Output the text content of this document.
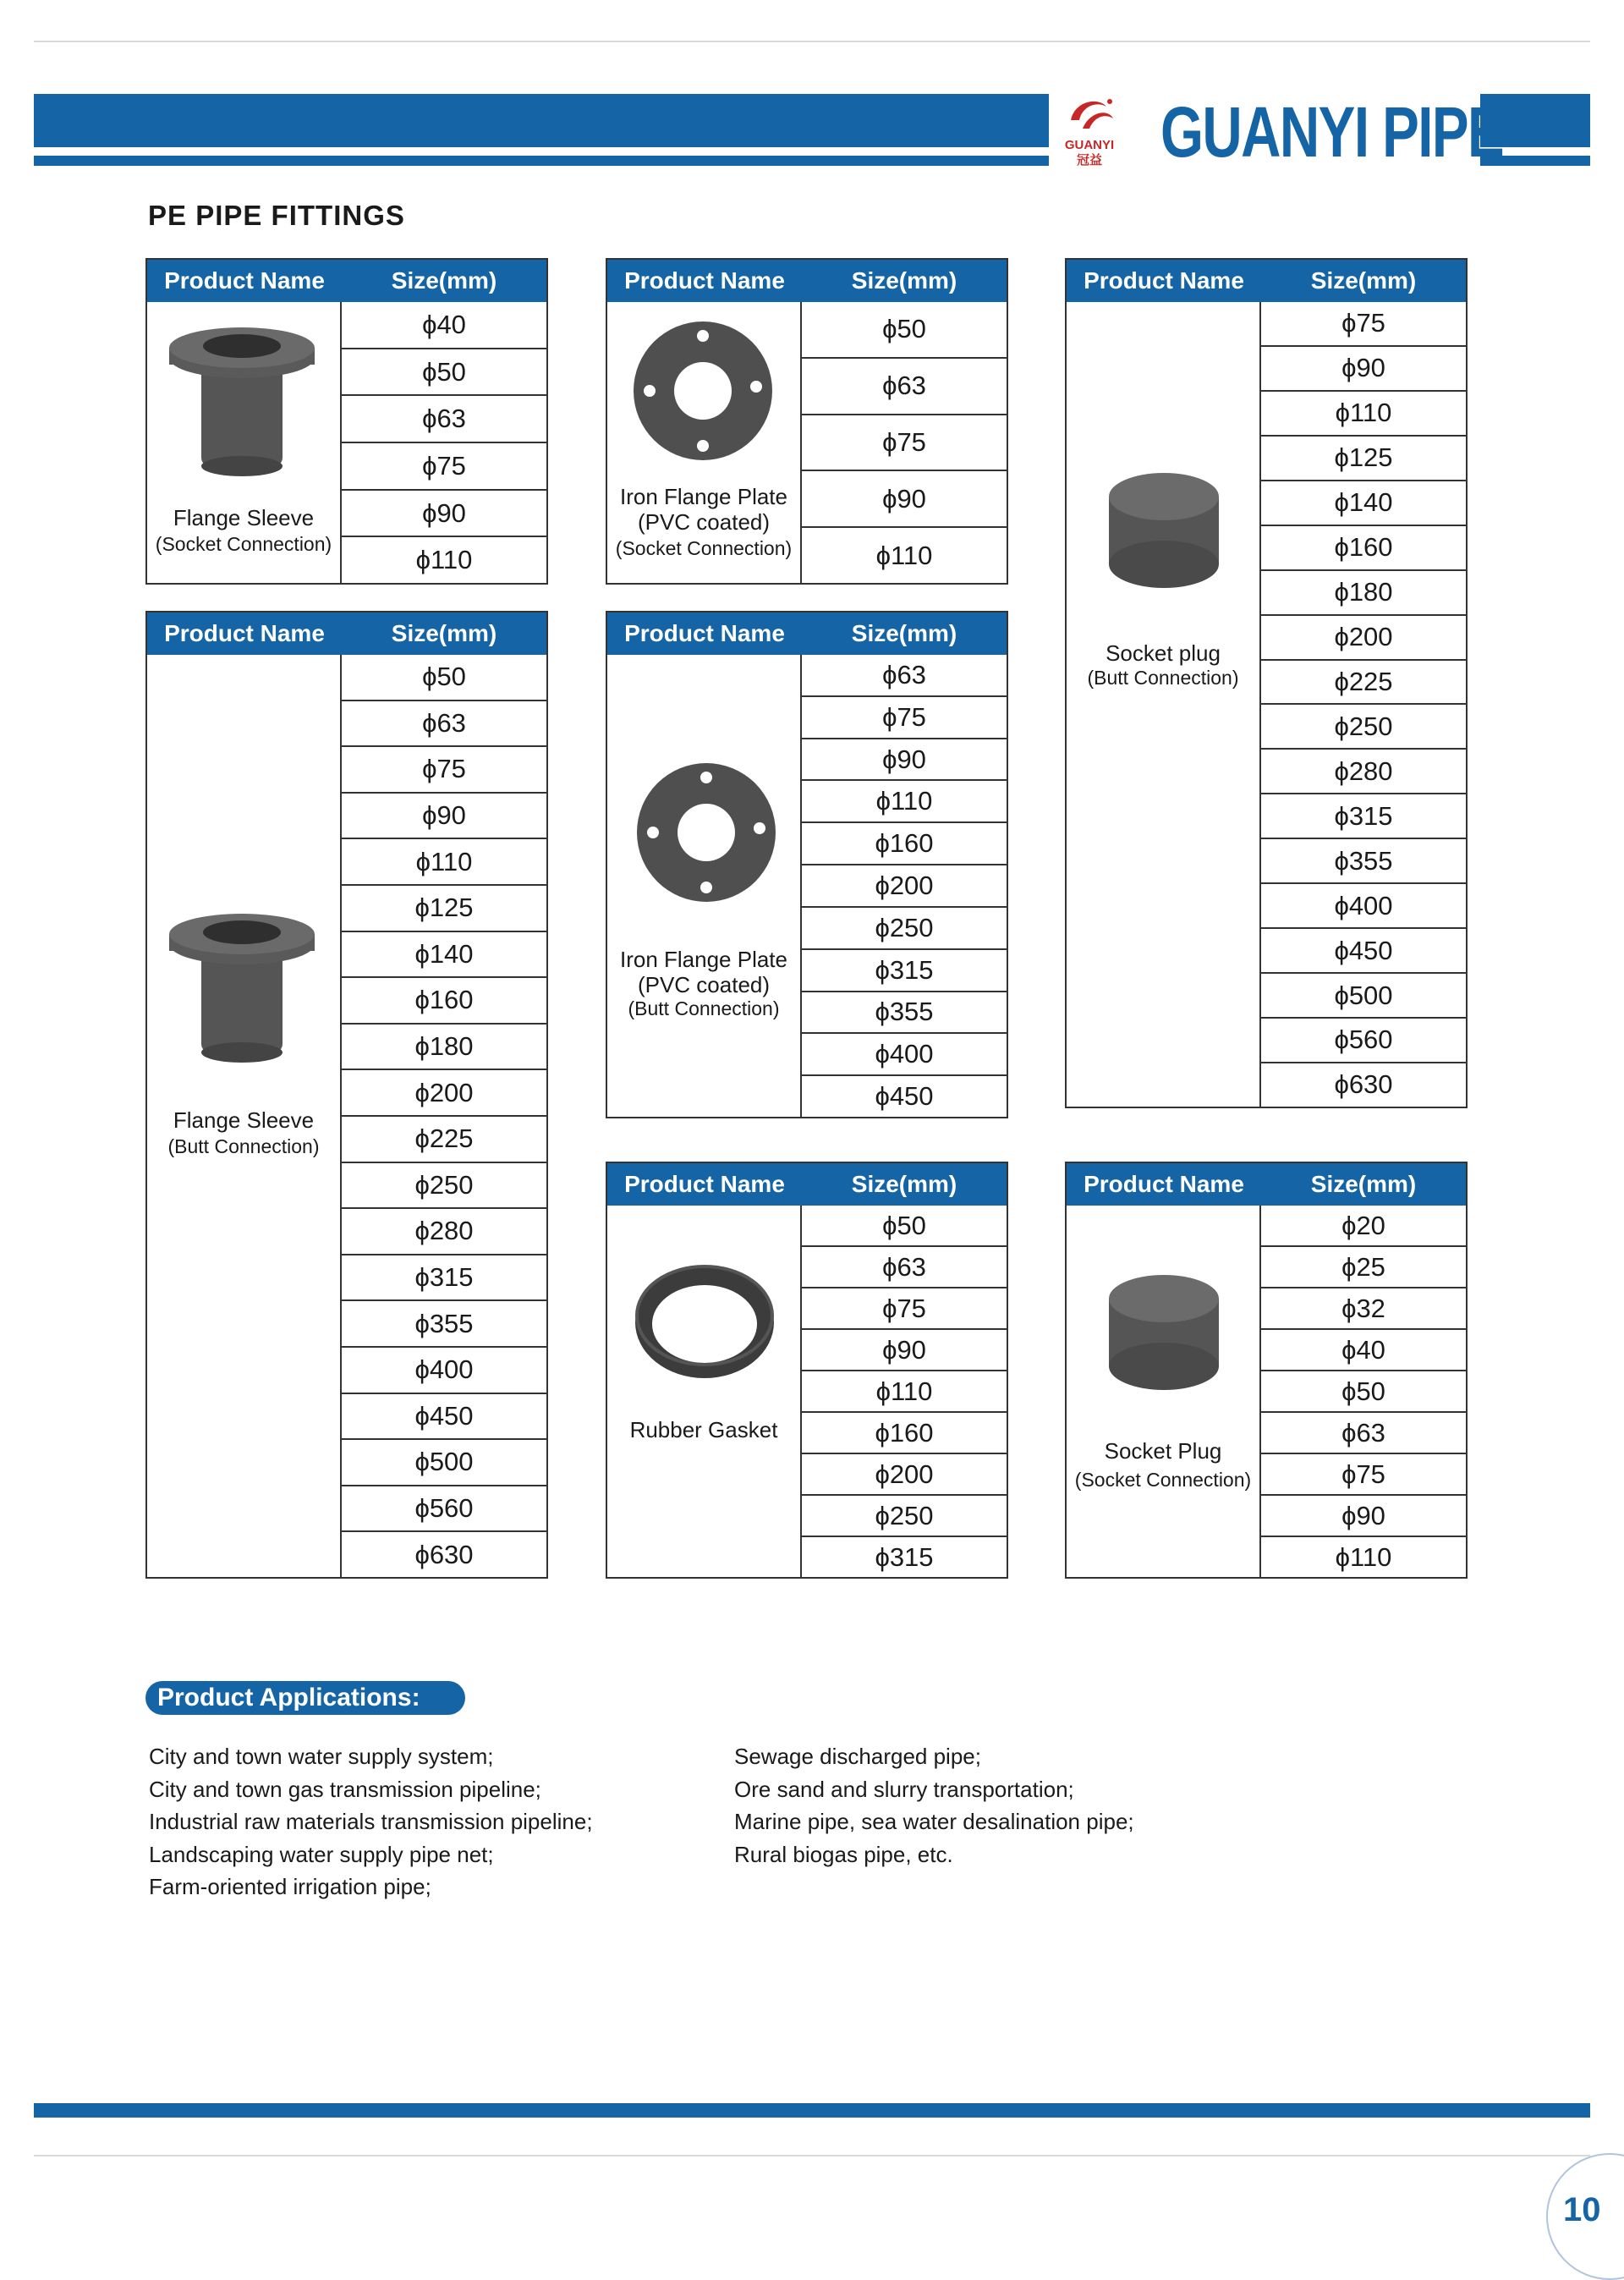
GUANYI
冠益 GUANYI PIPE
PE PIPE FITTINGS
Product Name	Size(mm)
Flange Sleeve
(Socket Connection)
ϕ40
ϕ50
ϕ63
ϕ75
ϕ90
ϕ110
Product Name	Size(mm)
Iron Flange Plate
(PVC coated)
(Socket Connection)
ϕ50
ϕ63
ϕ75
ϕ90
ϕ110
Product Name	Size(mm)
Socket plug
(Butt Connection)
ϕ75
ϕ90
ϕ110
ϕ125
ϕ140
ϕ160
ϕ180
ϕ200
ϕ225
ϕ250
ϕ280
ϕ315
ϕ355
ϕ400
ϕ450
ϕ500
ϕ560
ϕ630
Product Name	Size(mm)
Flange Sleeve
(Butt Connection)
ϕ50
ϕ63
ϕ75
ϕ90
ϕ110
ϕ125
ϕ140
ϕ160
ϕ180
ϕ200
ϕ225
ϕ250
ϕ280
ϕ315
ϕ355
ϕ400
ϕ450
ϕ500
ϕ560
ϕ630
Product Name	Size(mm)
Iron Flange Plate
(PVC coated)
(Butt Connection)
ϕ63
ϕ75
ϕ90
ϕ110
ϕ160
ϕ200
ϕ250
ϕ315
ϕ355
ϕ400
ϕ450
Product Name	Size(mm)
Rubber Gasket
ϕ50
ϕ63
ϕ75
ϕ90
ϕ110
ϕ160
ϕ200
ϕ250
ϕ315
Product Name	Size(mm)
Socket Plug
(Socket Connection)
ϕ20
ϕ25
ϕ32
ϕ40
ϕ50
ϕ63
ϕ75
ϕ90
ϕ110
Product Applications:
City and town water supply system;
City and town gas transmission pipeline;
Industrial raw materials transmission pipeline;
Landscaping water supply pipe net;
Farm-oriented irrigation pipe;
Sewage discharged pipe;
Ore sand and slurry transportation;
Marine pipe, sea water desalination pipe;
Rural biogas pipe, etc.
10
